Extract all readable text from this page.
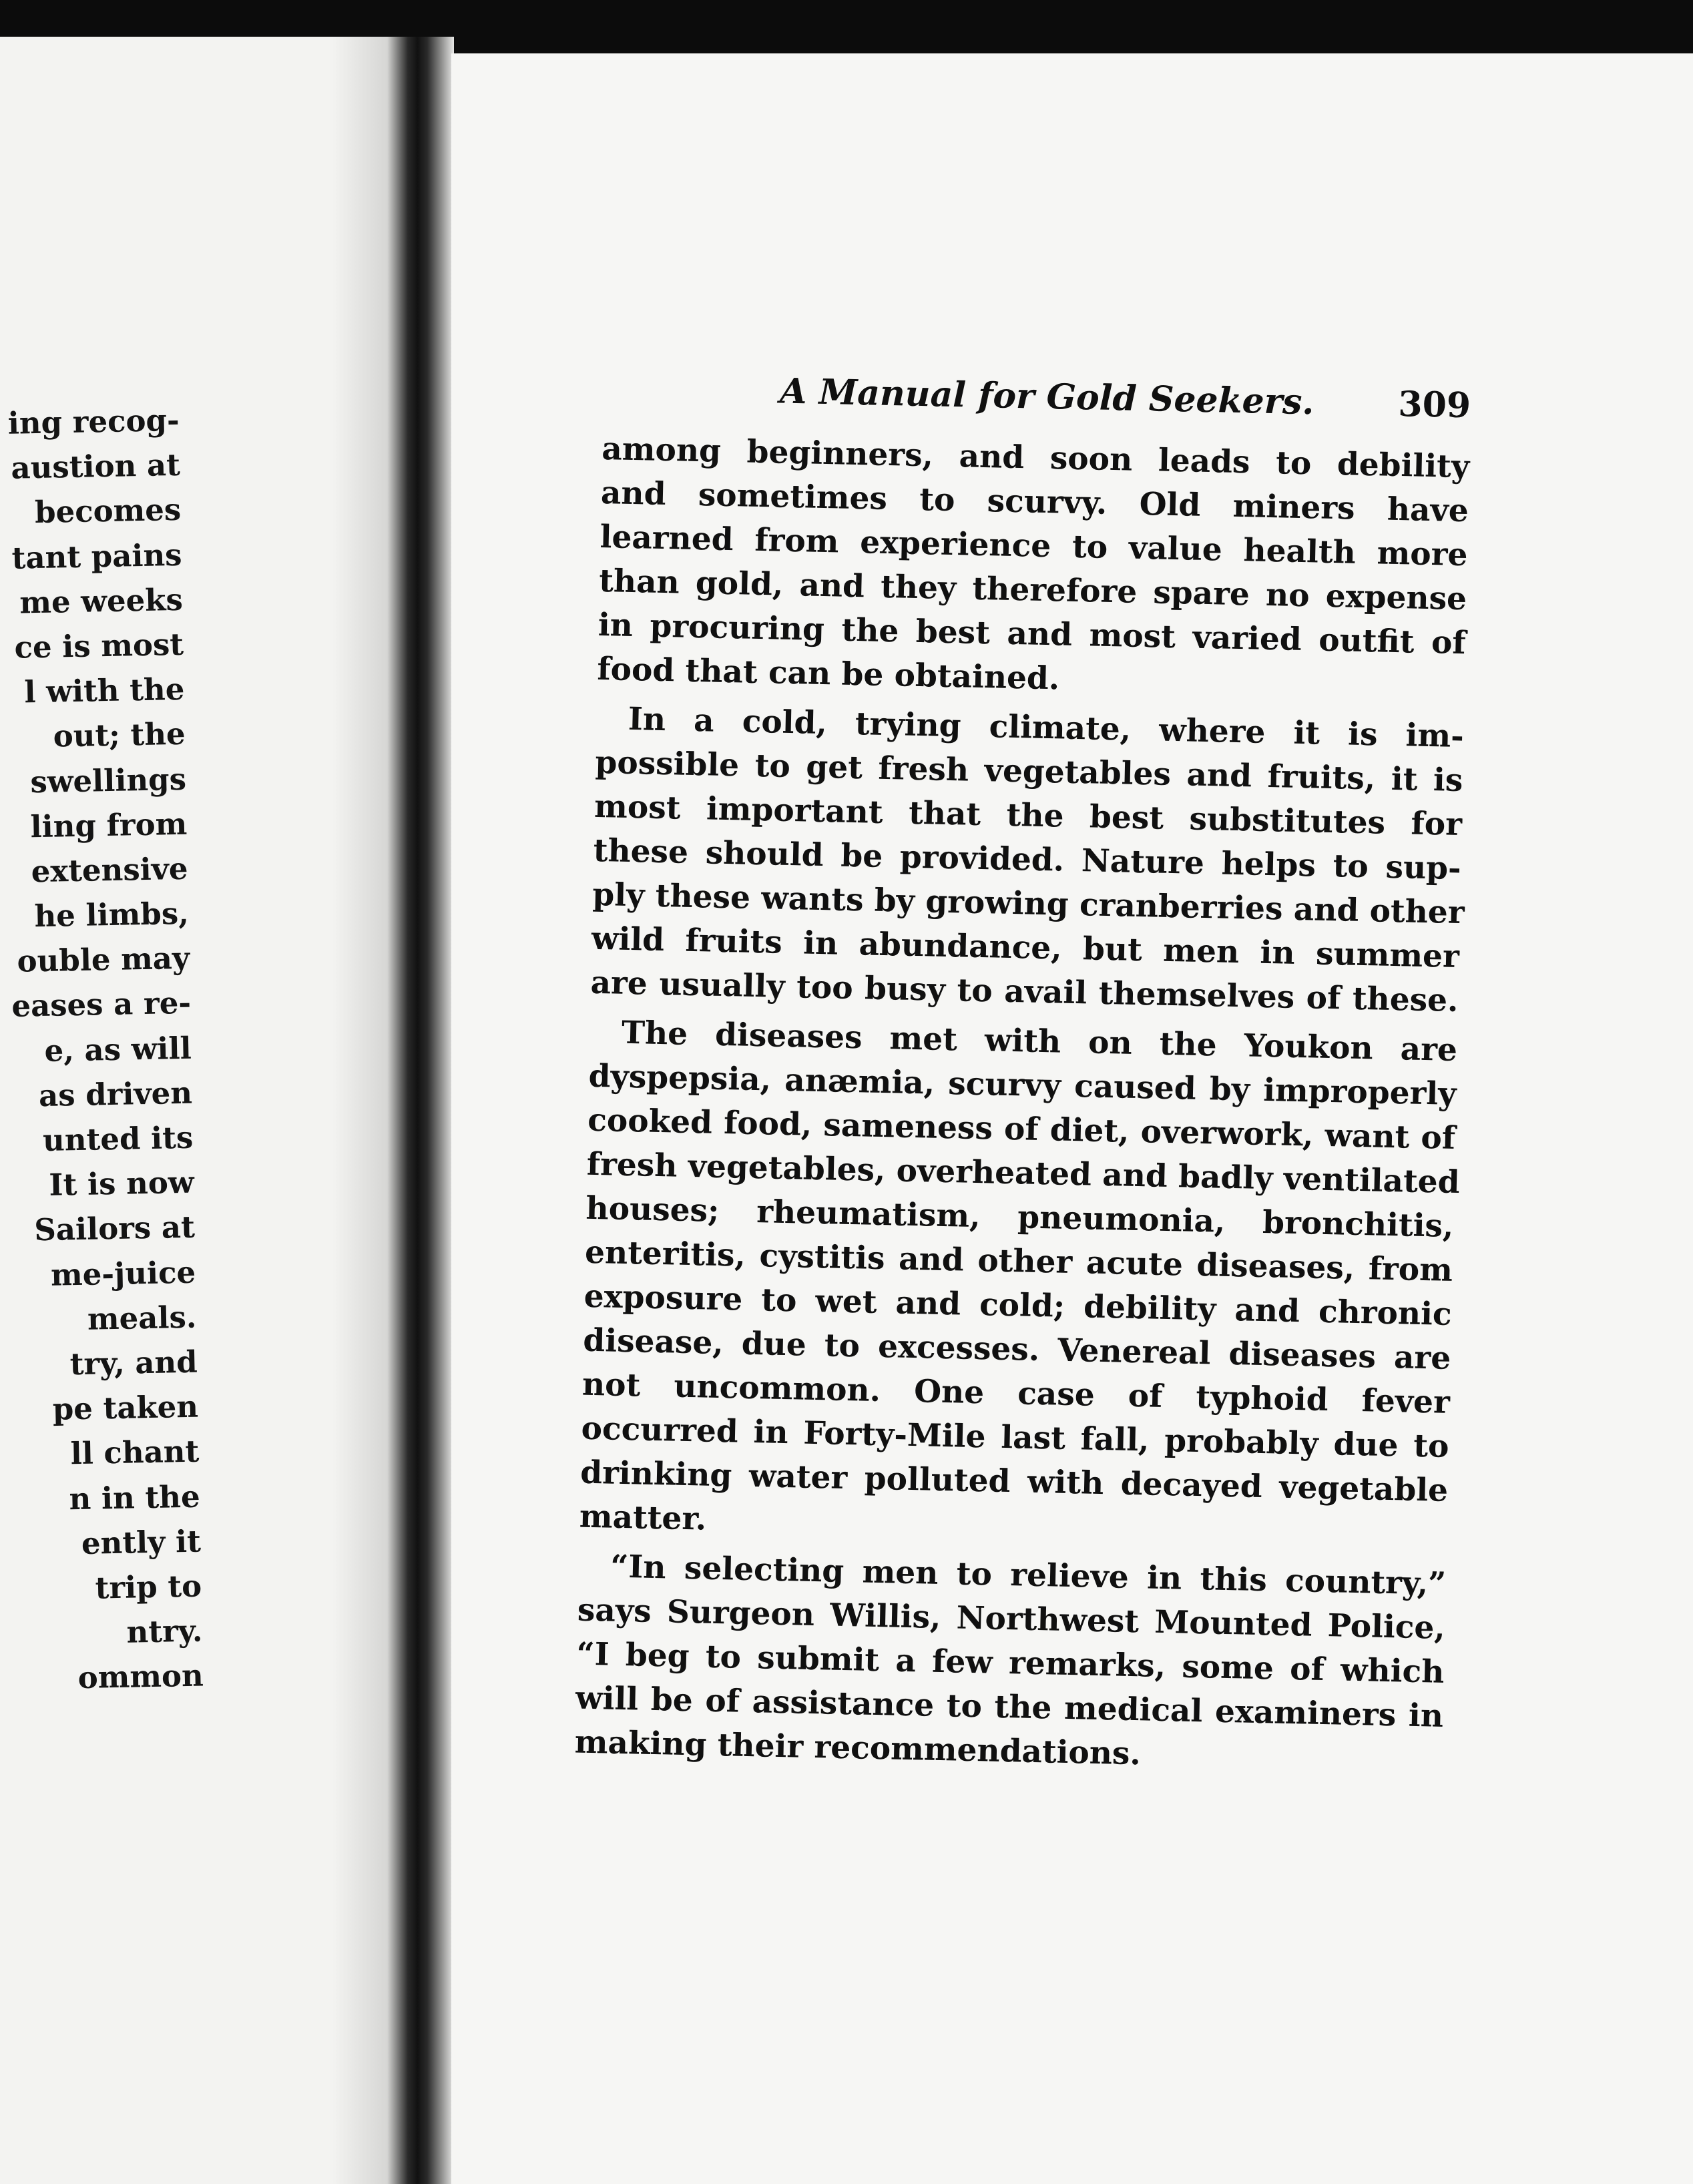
ing recog-
austion at
becomes
tant pains
me weeks
ce is most
l with the
out; the
swellings
ling from
extensive
he limbs,
ouble may
eases a re-
e, as will
as driven
unted its
It is now
Sailors at
me-juice
meals.
try, and
pe taken
ll chant
n in the
ently it
trip to
ntry.
ommon
A Manual for Gold Seekers. 309
among beginners, and soon leads to debility
and sometimes to scurvy. Old miners have
learned from experience to value health more
than gold, and they therefore spare no expense
in procuring the best and most varied outfit of
food that can be obtained.
In a cold, trying climate, where it is im-
possible to get fresh vegetables and fruits, it is
most important that the best substitutes for
these should be provided. Nature helps to sup-
ply these wants by growing cranberries and other
wild fruits in abundance, but men in summer
are usually too busy to avail themselves of these.
The diseases met with on the Youkon are
dyspepsia, anæmia, scurvy caused by improperly
cooked food, sameness of diet, overwork, want of
fresh vegetables, overheated and badly ventilated
houses; rheumatism, pneumonia, bronchitis,
enteritis, cystitis and other acute diseases, from
exposure to wet and cold; debility and chronic
disease, due to excesses. Venereal diseases are
not uncommon. One case of typhoid fever
occurred in Forty-Mile last fall, probably due to
drinking water polluted with decayed vegetable
matter.
“In selecting men to relieve in this country,”
says Surgeon Willis, Northwest Mounted Police,
“I beg to submit a few remarks, some of which
will be of assistance to the medical examiners in
making their recommendations.
